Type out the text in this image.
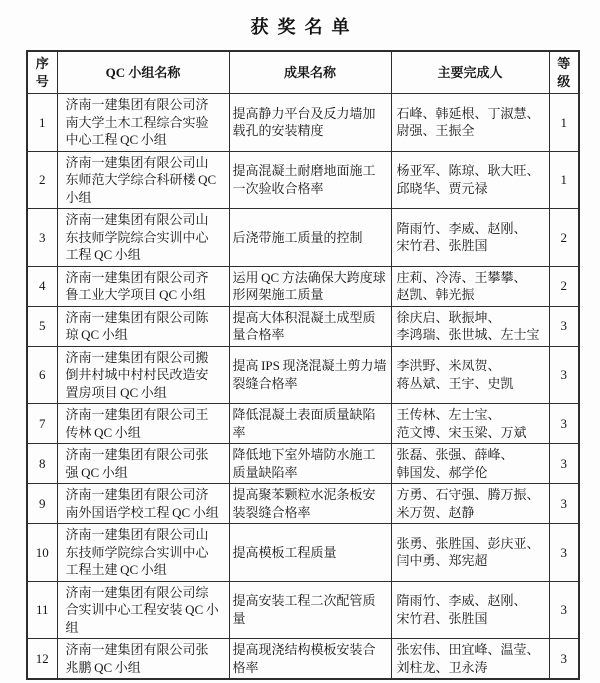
获奖名单
序号	QC 小组名称	成果名称	主要完成人	等级
1	济南一建集团有限公司济南大学土木工程综合实验中心工程 QC 小组	提高静力平台及反力墙加载孔的安装精度	石峰、韩延根、丁淑慧、尉强、王振全	1
2	济南一建集团有限公司山东师范大学综合科研楼 QC 小组	提高混凝土耐磨地面施工一次验收合格率	杨亚军、陈琼、耿大旺、邱晓华、贾元禄	1
3	济南一建集团有限公司山东技师学院综合实训中心工程 QC 小组	后浇带施工质量的控制	隋雨竹、李威、赵刚、宋竹君、张胜国	2
4	济南一建集团有限公司齐鲁工业大学项目 QC 小组	运用 QC 方法确保大跨度球形网架施工质量	庄莉、冷涛、王攀攀、赵凯、韩光振	2
5	济南一建集团有限公司陈琼 QC 小组	提高大体积混凝土成型质量合格率	徐庆启、耿振坤、李鸿瑞、张世城、左士宝	3
6	济南一建集团有限公司搬倒井村城中村村民改造安置房项目 QC 小组	提高 IPS 现浇混凝土剪力墙裂缝合格率	李洪野、米凤贺、蒋丛斌、王宇、史凯	3
7	济南一建集团有限公司王传林 QC 小组	降低混凝土表面质量缺陷率	王传林、左士宝、范文博、宋玉梁、万斌	3
8	济南一建集团有限公司张强 QC 小组	降低地下室外墙防水施工质量缺陷率	张磊、张强、薛峰、韩国发、郝学伦	3
9	济南一建集团有限公司济南外国语学校工程 QC 小组	提高聚苯颗粒水泥条板安装裂缝合格率	方勇、石守强、腾万振、米万贺、赵静	3
10	济南一建集团有限公司山东技师学院综合实训中心工程土建 QC 小组	提高模板工程质量	张勇、张胜国、彭庆亚、闫中勇、郑宪超	3
11	济南一建集团有限公司综合实训中心工程安装 QC 小组	提高安装工程二次配管质量	隋雨竹、李威、赵刚、宋竹君、张胜国	3
12	济南一建集团有限公司张兆鹏 QC 小组	提高现浇结构模板安装合格率	张宏伟、田宜峰、温莹、刘柱龙、卫永涛	3
